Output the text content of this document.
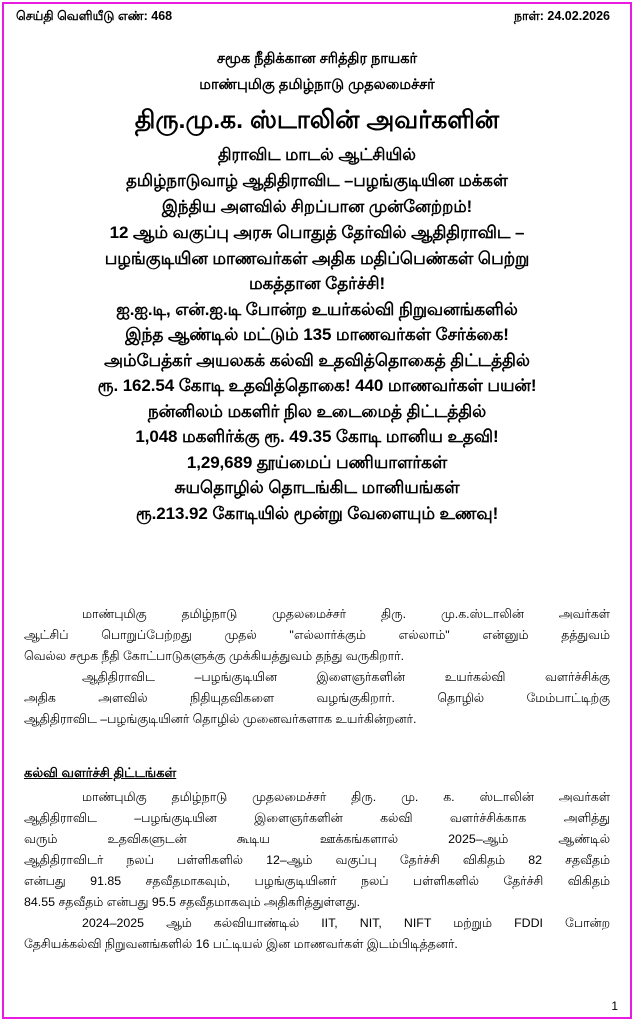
செய்தி வெளியீடு எண்: 468	நாள்: 24.02.2026
சமூக நீதிக்கான சரித்திர நாயகர்
மாண்புமிகு தமிழ்நாடு முதலமைச்சர்
திரு.மு.க. ஸ்டாலின் அவர்களின்
திராவிட மாடல் ஆட்சியில்
தமிழ்நாடுவாழ் ஆதிதிராவிட –பழங்குடியின மக்கள்
இந்திய அளவில் சிறப்பான முன்னேற்றம்!
12 ஆம் வகுப்பு அரசு பொதுத் தேர்வில் ஆதிதிராவிட –
பழங்குடியின மாணவர்கள் அதிக மதிப்பெண்கள் பெற்று
மகத்தான தேர்ச்சி!
ஐ.ஐ.டி, என்.ஐ.டி போன்ற உயர்கல்வி நிறுவனங்களில்
இந்த ஆண்டில் மட்டும் 135 மாணவர்கள் சேர்க்கை!
அம்பேத்கர் அயலகக் கல்வி உதவித்தொகைத் திட்டத்தில்
ரூ. 162.54 கோடி உதவித்தொகை! 440 மாணவர்கள் பயன்!
நன்னிலம் மகளிர் நில உடைமைத் திட்டத்தில்
1,048 மகளிர்க்கு ரூ. 49.35 கோடி மானிய உதவி!
1,29,689 தூய்மைப் பணியாளர்கள்
சுயதொழில் தொடங்கிட மானியங்கள்
ரூ.213.92 கோடியில் மூன்று வேளையும் உணவு!

மாண்புமிகு தமிழ்நாடு முதலமைச்சர் திரு. மு.க.ஸ்டாலின் அவர்கள்
ஆட்சிப் பொறுப்பேற்றது முதல் "எல்லார்க்கும் எல்லாம்" என்னும் தத்துவம்
வெல்ல சமூக நீதி கோட்பாடுகளுக்கு முக்கியத்துவம் தந்து வருகிறார்.

ஆதிதிராவிட –பழங்குடியின இளைஞர்களின் உயர்கல்வி வளர்ச்சிக்கு
அதிக அளவில் நிதியுதவிகளை வழங்குகிறார். தொழில் மேம்பாட்டிற்கு
ஆதிதிராவிட –பழங்குடியினர் தொழில் முனைவர்களாக உயர்கின்றனர்.

கல்வி வளர்ச்சி திட்டங்கள்

மாண்புமிகு தமிழ்நாடு முதலமைச்சர் திரு. மு. க. ஸ்டாலின் அவர்கள்
ஆதிதிராவிட –பழங்குடியின இளைஞர்களின் கல்வி வளர்ச்சிக்காக அளித்து
வரும் உதவிகளுடன் கூடிய ஊக்கங்களால் 2025–ஆம் ஆண்டில்
ஆதிதிராவிடர் நலப் பள்ளிகளில் 12–ஆம் வகுப்பு தேர்ச்சி விகிதம் 82 சதவீதம்
என்பது 91.85 சதவீதமாகவும், பழங்குடியினர் நலப் பள்ளிகளில் தேர்ச்சி விகிதம்
84.55 சதவீதம் என்பது 95.5 சதவீதமாகவும் அதிகரித்துள்ளது.

2024–2025 ஆம் கல்வியாண்டில் IIT, NIT, NIFT மற்றும் FDDI போன்ற
தேசியக்கல்வி நிறுவனங்களில் 16 பட்டியல் இன மாணவர்கள் இடம்பிடித்தனர்.

1
